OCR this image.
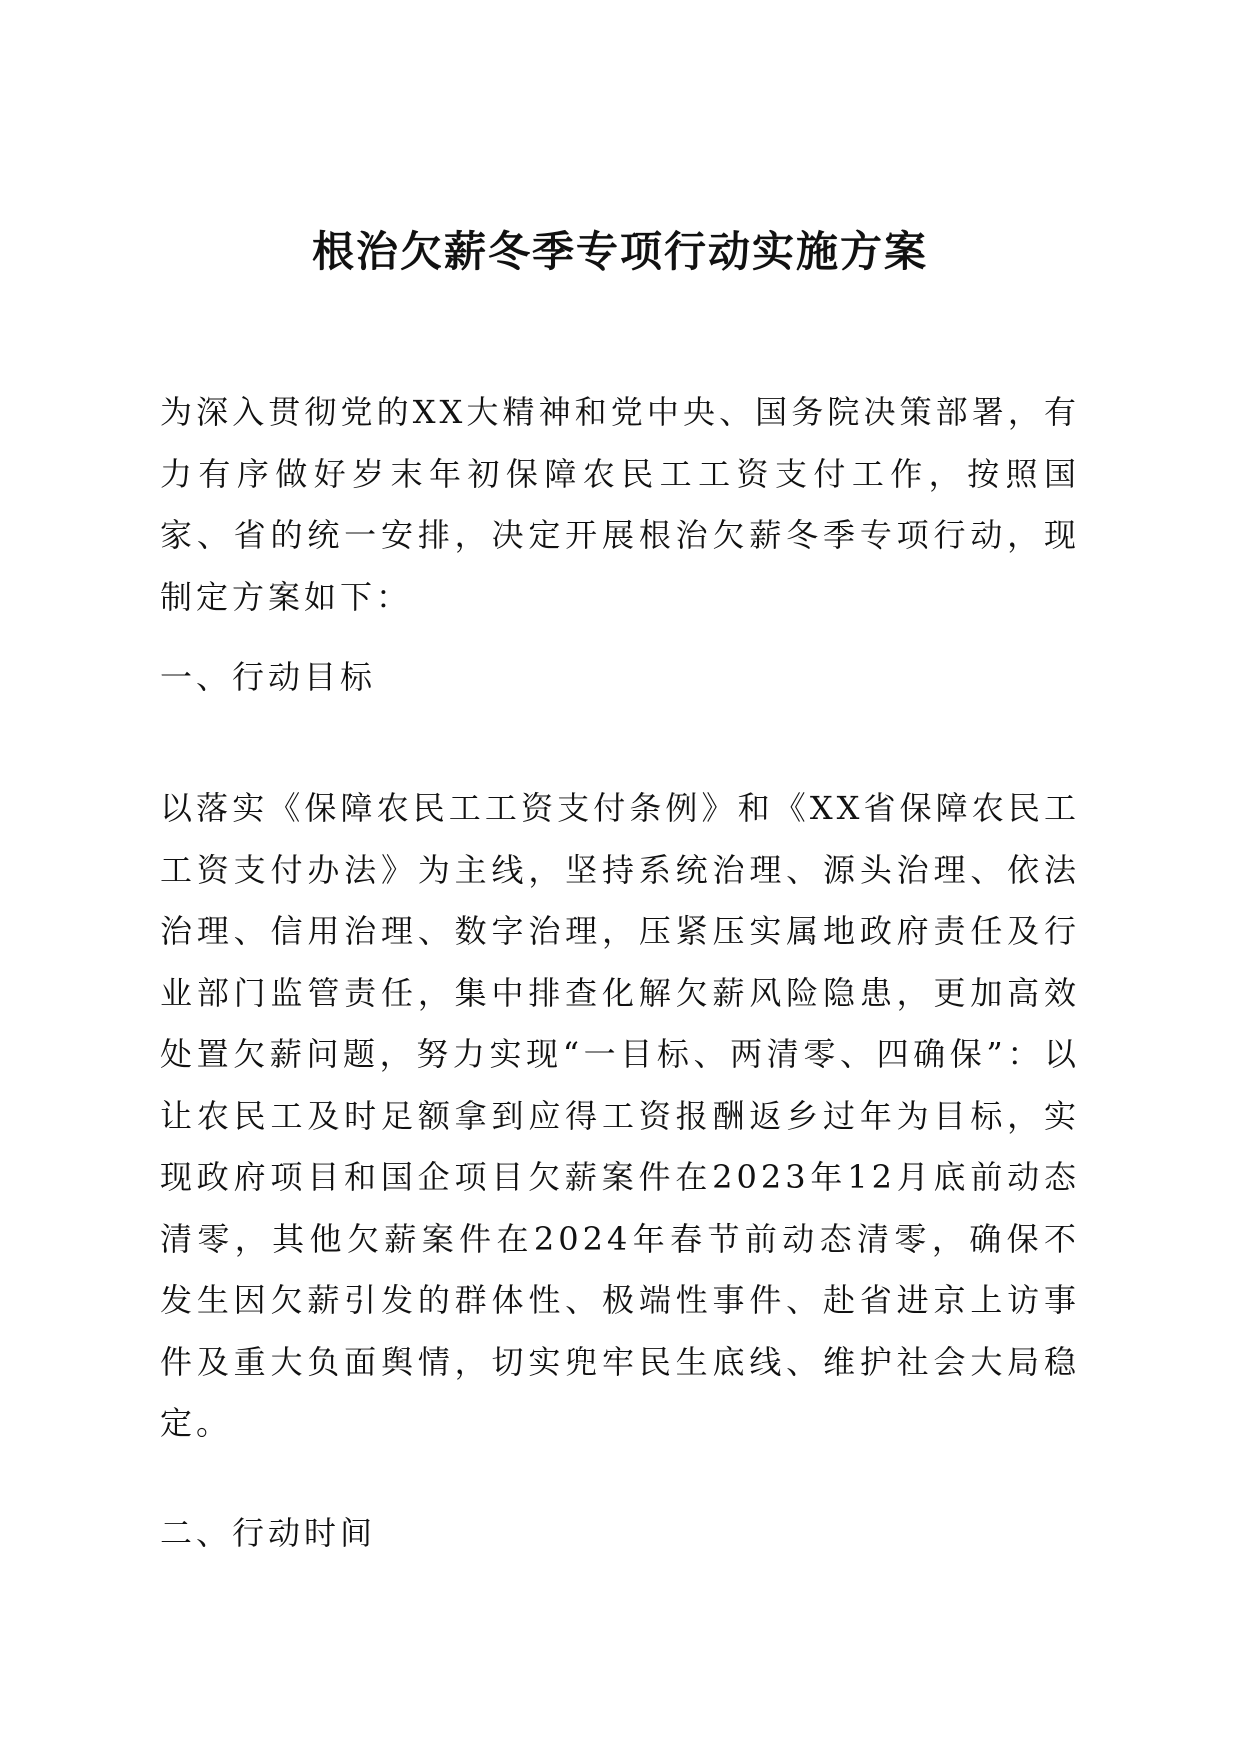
根治欠薪冬季专项行动实施方案

为深入贯彻党的XX大精神和党中央、国务院决策部署，有力有序做好岁末年初保障农民工工资支付工作，按照国家、省的统一安排，决定开展根治欠薪冬季专项行动，现制定方案如下：

一、行动目标

以落实《保障农民工工资支付条例》和《XX省保障农民工工资支付办法》为主线，坚持系统治理、源头治理、依法治理、信用治理、数字治理，压紧压实属地政府责任及行业部门监管责任，集中排查化解欠薪风险隐患，更加高效处置欠薪问题，努力实现“一目标、两清零、四确保”：以让农民工及时足额拿到应得工资报酬返乡过年为目标，实现政府项目和国企项目欠薪案件在2023年12月底前动态清零，其他欠薪案件在2024年春节前动态清零，确保不发生因欠薪引发的群体性、极端性事件、赴省进京上访事件及重大负面舆情，切实兜牢民生底线、维护社会大局稳定。

二、行动时间
